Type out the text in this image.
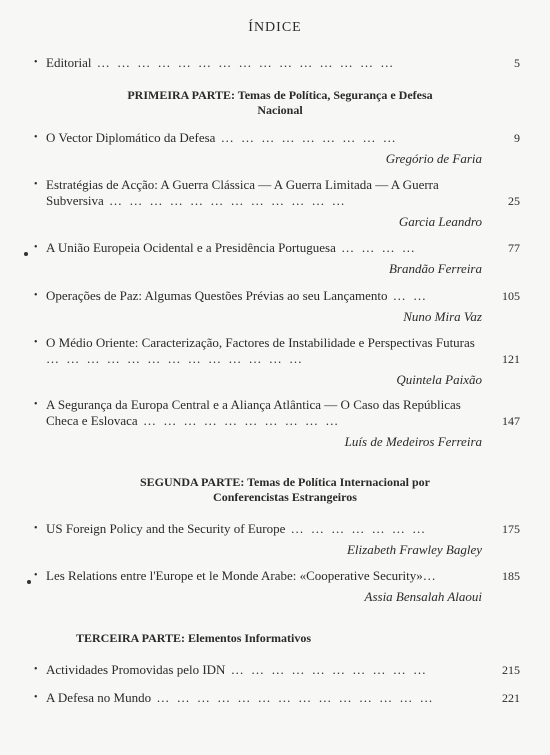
ÍNDICE
• Editorial … … … … … … … … … … … … … … …	5
PRIMEIRA PARTE: Temas de Política, Segurança e Defesa
Nacional
• O Vector Diplomático da Defesa … … … … … … … … …	9
Gregório de Faria
• Estratégias de Acção: A Guerra Clássica — A Guerra Limitada — A Guerra Subversiva … … … … … … … … … … … …	25
Garcia Leandro
• A União Europeia Ocidental e a Presidência Portuguesa … … … …	77
Brandão Ferreira
• Operações de Paz: Algumas Questões Prévias ao seu Lançamento … …	105
Nuno Mira Vaz
• O Médio Oriente: Caracterização, Factores de Instabilidade e Perspectivas Futuras … … … … … … … … … … … … …	121
Quintela Paixão
• A Segurança da Europa Central e a Aliança Atlântica — O Caso das Repúblicas Checa e Eslovaca … … … … … … … … … …	147
Luís de Medeiros Ferreira
SEGUNDA PARTE: Temas de Política Internacional por
Conferencistas Estrangeiros
• US Foreign Policy and the Security of Europe … … … … … … …	175
Elizabeth Frawley Bagley
• Les Relations entre l'Europe et le Monde Arabe: «Cooperative Security»…	185
Assia Bensalah Alaoui
TERCEIRA PARTE: Elementos Informativos
• Actividades Promovidas pelo IDN … … … … … … … … … …	215
• A Defesa no Mundo … … … … … … … … … … … … … …	221
